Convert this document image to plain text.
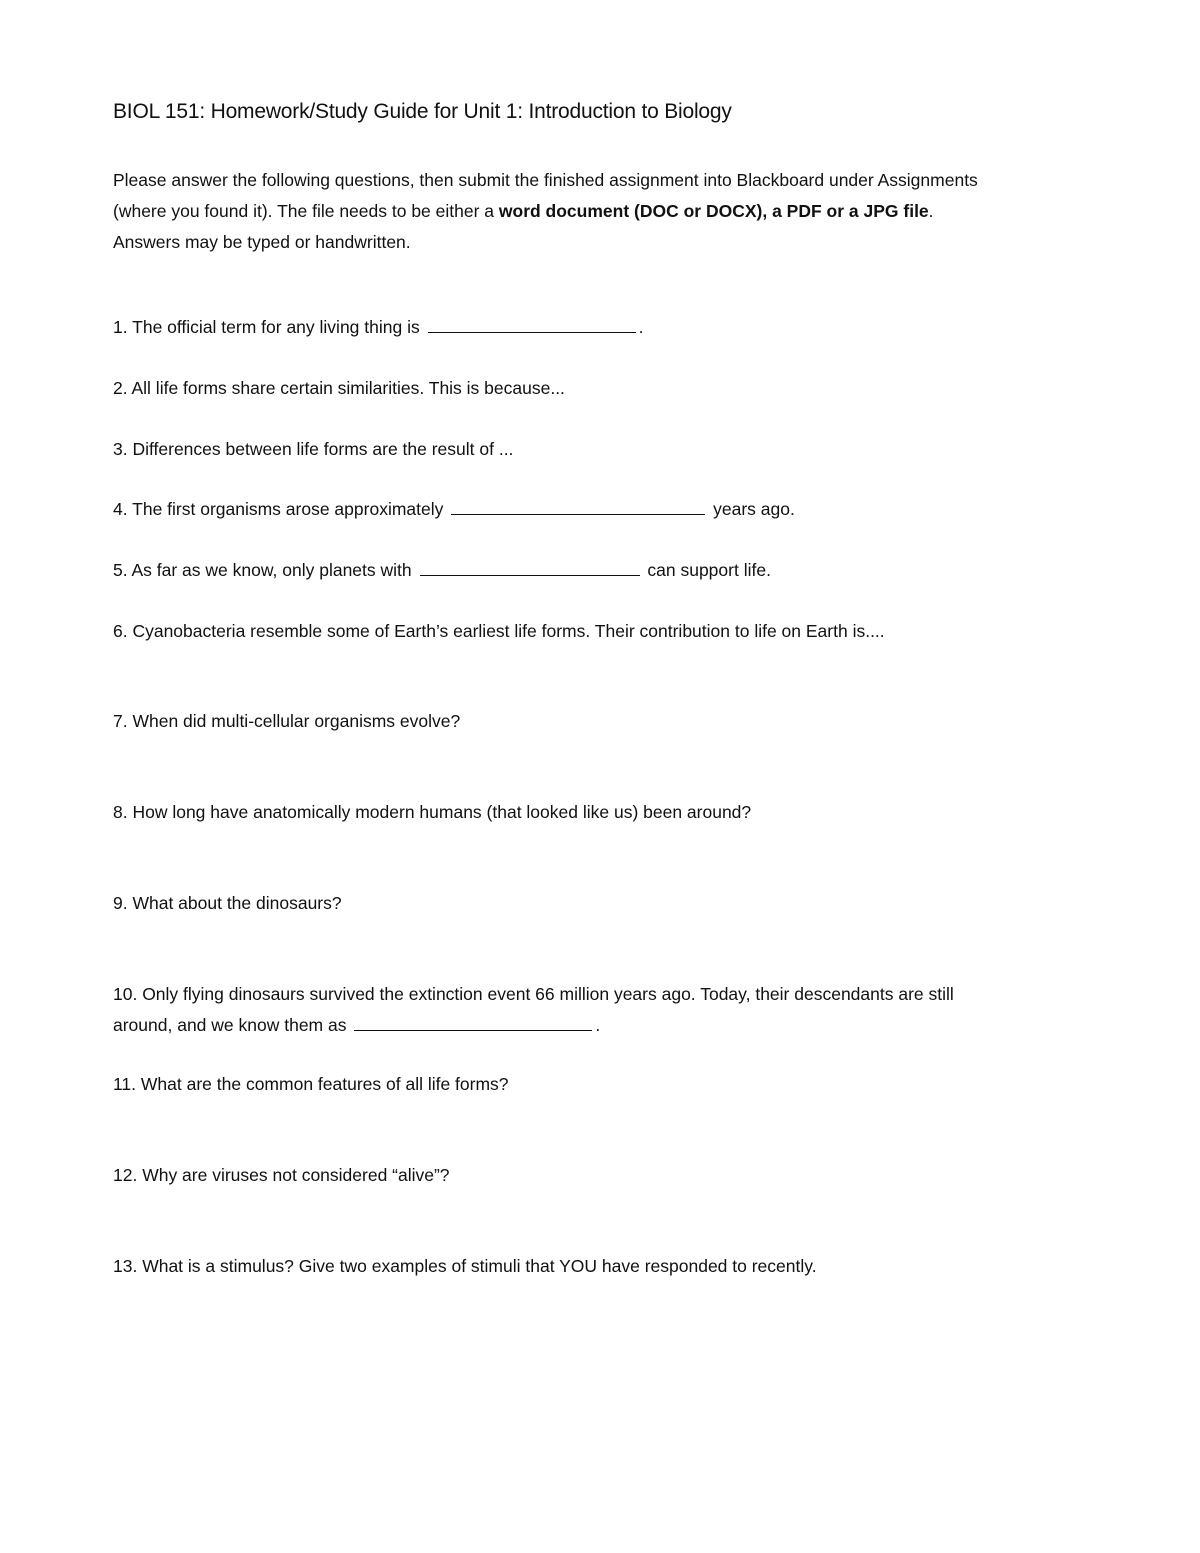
BIOL 151: Homework/Study Guide for Unit 1: Introduction to Biology

Please answer the following questions, then submit the finished assignment into Blackboard under Assignments
(where you found it). The file needs to be either a word document (DOC or DOCX), a PDF or a JPG file.
Answers may be typed or handwritten.

1. The official term for any living thing is	.

2. All life forms share certain similarities. This is because...

3. Differences between life forms are the result of ...

4. The first organisms arose approximately	years ago.

5. As far as we know, only planets with	can support life.

6. Cyanobacteria resemble some of Earth’s earliest life forms. Their contribution to life on Earth is....

7. When did multi-cellular organisms evolve?

8. How long have anatomically modern humans (that looked like us) been around?

9. What about the dinosaurs?

10. Only flying dinosaurs survived the extinction event 66 million years ago. Today, their descendants are still
around, and we know them as	.

11. What are the common features of all life forms?

12. Why are viruses not considered “alive”?

13. What is a stimulus? Give two examples of stimuli that YOU have responded to recently.
